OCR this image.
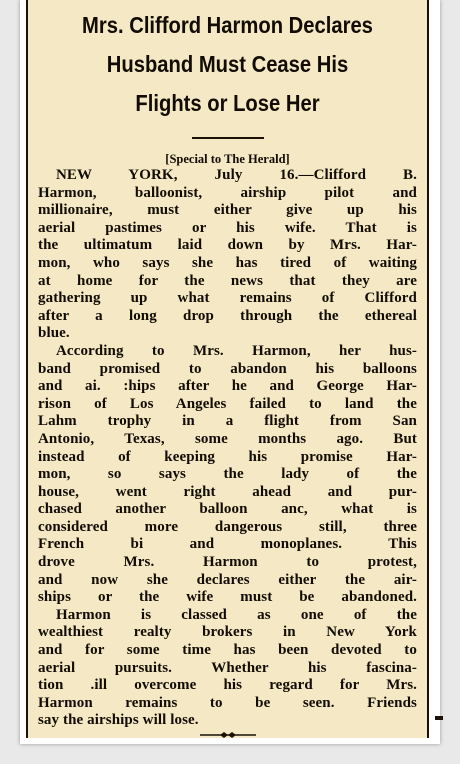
Mrs. Clifford Harmon Declares
Husband Must Cease His
Flights or Lose Her
[Special to The Herald]
NEW YORK, July 16.—Clifford B.
Harmon, balloonist, airship pilot and
millionaire, must either give up his
aerial pastimes or his wife. That is
the ultimatum laid down by Mrs. Har-
mon, who says she has tired of waiting
at home for the news that they are
gathering up what remains of Clifford
after a long drop through the ethereal
blue.
According to Mrs. Harmon, her hus-
band promised to abandon his balloons
and ai. :hips after he and George Har-
rison of Los Angeles failed to land the
Lahm trophy in a flight from San
Antonio, Texas, some months ago. But
instead of keeping his promise Har-
mon, so says the lady of the
house, went right ahead and pur-
chased another balloon anc, what is
considered more dangerous still, three
French bi and monoplanes. This
drove Mrs. Harmon to protest,
and now she declares either the air-
ships or the wife must be abandoned.
Harmon is classed as one of the
wealthiest realty brokers in New York
and for some time has been devoted to
aerial pursuits. Whether his fascina-
tion .ill overcome his regard for Mrs.
Harmon remains to be seen. Friends
say the airships will lose.
